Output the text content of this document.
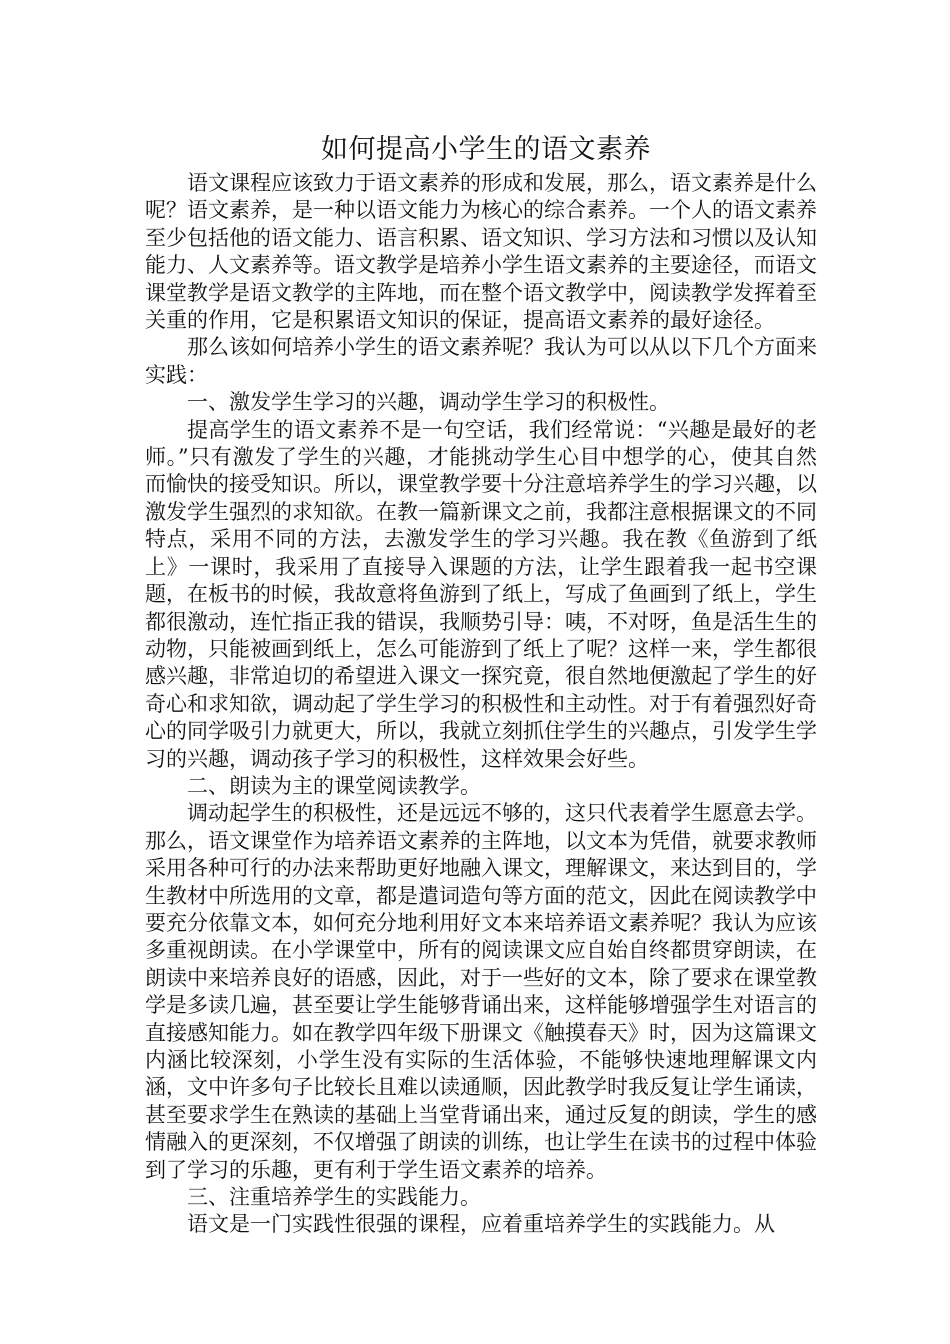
如何提高小学生的语文素养

语文课程应该致力于语文素养的形成和发展，那么，语文素养是什么呢？语文素养，是一种以语文能力为核心的综合素养。一个人的语文素养至少包括他的语文能力、语言积累、语文知识、学习方法和习惯以及认知能力、人文素养等。语文教学是培养小学生语文素养的主要途径，而语文课堂教学是语文教学的主阵地，而在整个语文教学中，阅读教学发挥着至关重的作用，它是积累语文知识的保证，提高语文素养的最好途径。

那么该如何培养小学生的语文素养呢？我认为可以从以下几个方面来实践：

一、激发学生学习的兴趣，调动学生学习的积极性。

提高学生的语文素养不是一句空话，我们经常说：“兴趣是最好的老师。”只有激发了学生的兴趣，才能挑动学生心目中想学的心，使其自然而愉快的接受知识。所以，课堂教学要十分注意培养学生的学习兴趣，以激发学生强烈的求知欲。在教一篇新课文之前，我都注意根据课文的不同特点，采用不同的方法，去激发学生的学习兴趣。我在教《鱼游到了纸上》一课时，我采用了直接导入课题的方法，让学生跟着我一起书空课题，在板书的时候，我故意将鱼游到了纸上，写成了鱼画到了纸上，学生都很激动，连忙指正我的错误，我顺势引导：咦，不对呀，鱼是活生生的动物，只能被画到纸上，怎么可能游到了纸上了呢？这样一来，学生都很感兴趣，非常迫切的希望进入课文一探究竟，很自然地便激起了学生的好奇心和求知欲，调动起了学生学习的积极性和主动性。对于有着强烈好奇心的同学吸引力就更大，所以，我就立刻抓住学生的兴趣点，引发学生学习的兴趣，调动孩子学习的积极性，这样效果会好些。

二、朗读为主的课堂阅读教学。

调动起学生的积极性，还是远远不够的，这只代表着学生愿意去学。那么，语文课堂作为培养语文素养的主阵地，以文本为凭借，就要求教师采用各种可行的办法来帮助更好地融入课文，理解课文，来达到目的，学生教材中所选用的文章，都是遣词造句等方面的范文，因此在阅读教学中要充分依靠文本，如何充分地利用好文本来培养语文素养呢？我认为应该多重视朗读。在小学课堂中，所有的阅读课文应自始自终都贯穿朗读，在朗读中来培养良好的语感，因此，对于一些好的文本，除了要求在课堂教学是多读几遍，甚至要让学生能够背诵出来，这样能够增强学生对语言的直接感知能力。如在教学四年级下册课文《触摸春天》时，因为这篇课文内涵比较深刻，小学生没有实际的生活体验，不能够快速地理解课文内涵，文中许多句子比较长且难以读通顺，因此教学时我反复让学生诵读，甚至要求学生在熟读的基础上当堂背诵出来，通过反复的朗读，学生的感情融入的更深刻，不仅增强了朗读的训练，也让学生在读书的过程中体验到了学习的乐趣，更有利于学生语文素养的培养。

三、注重培养学生的实践能力。

语文是一门实践性很强的课程，应着重培养学生的实践能力。从
